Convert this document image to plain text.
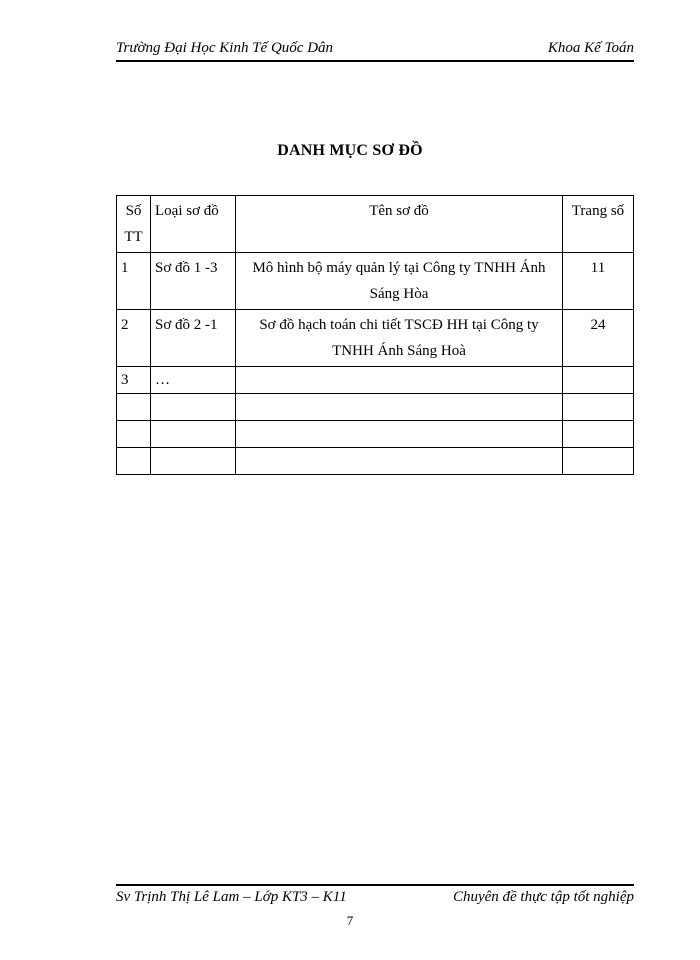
Trường Đại Học Kinh Tế Quốc Dân	Khoa Kế Toán
DANH MỤC SƠ ĐỒ
Số TT	Loại sơ đồ	Tên sơ đồ	Trang số
1	Sơ đồ 1 -3	Mô hình bộ máy quản lý tại Công ty TNHH Ánh Sáng Hòa	11
2	Sơ đồ 2 -1	Sơ đồ hạch toán chi tiết TSCĐ HH tại Công ty TNHH Ánh Sáng Hoà	24
3	…		

Sv Trịnh Thị Lê Lam – Lớp KT3 – K11	Chuyên đề thực tập tốt nghiệp
7
